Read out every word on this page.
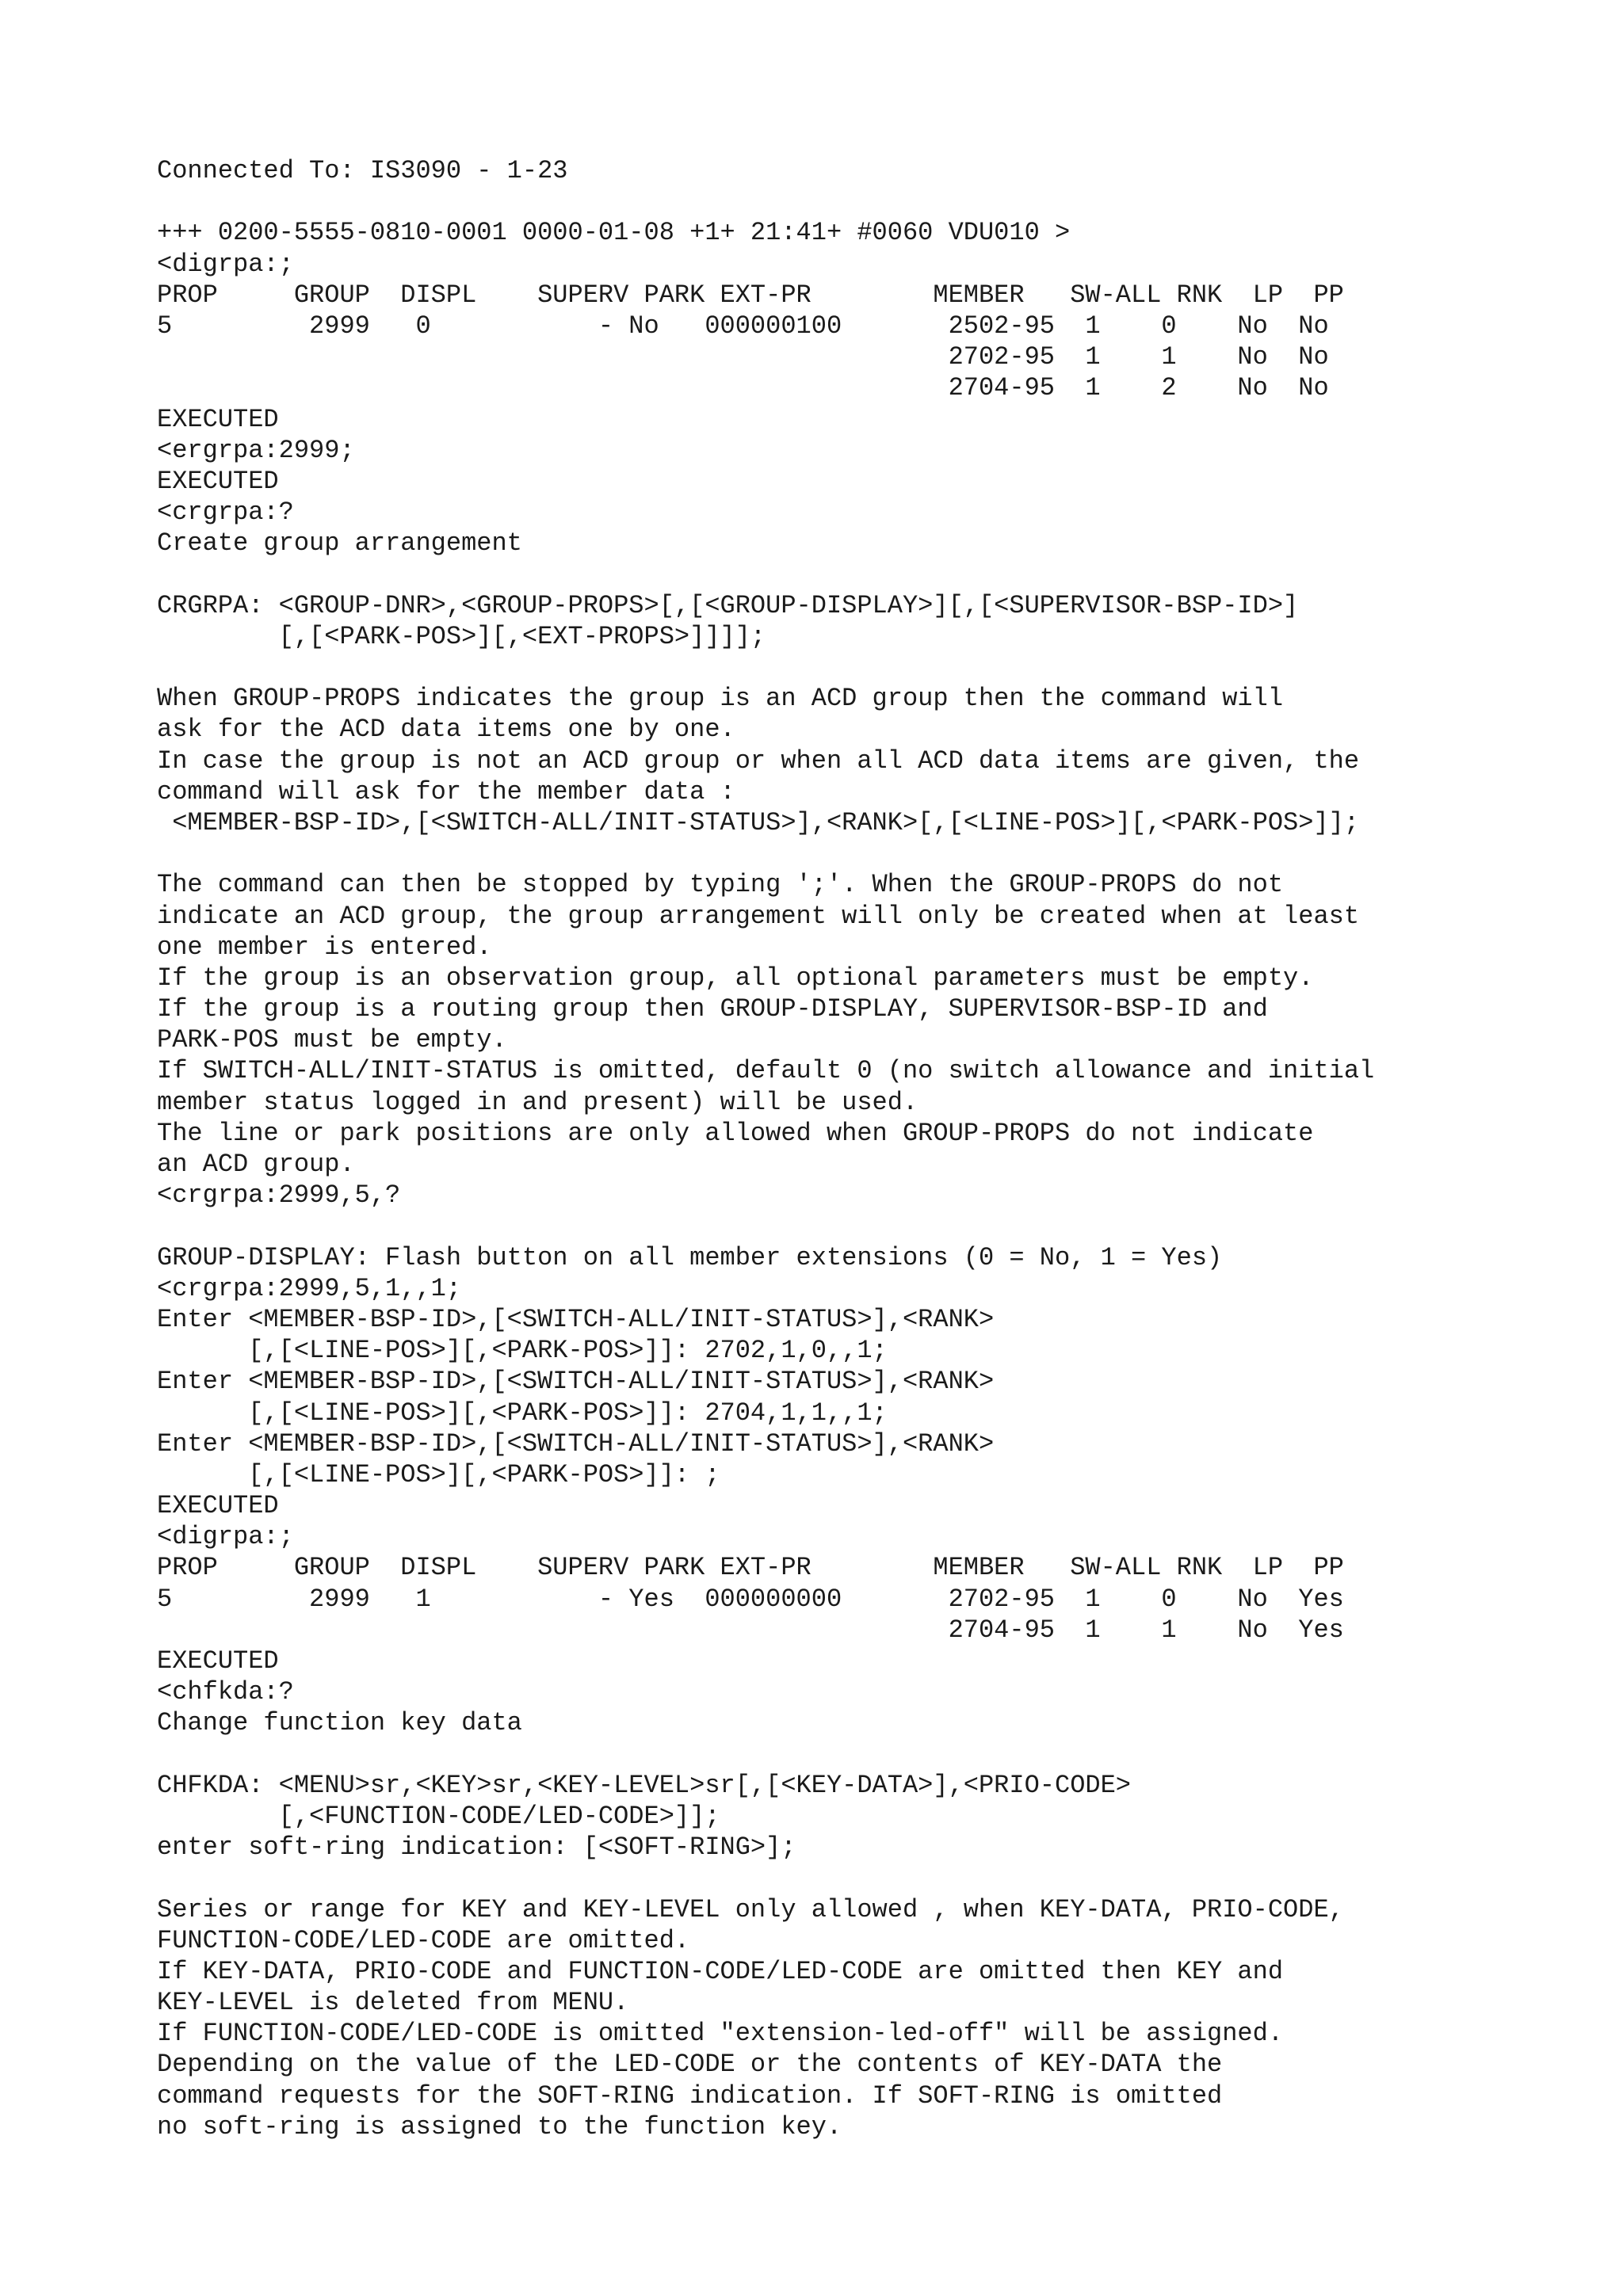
Connected To: IS3090 - 1-23
+++ 0200-5555-0810-0001 0000-01-08 +1+ 21:41+ #0060 VDU010 >
<digrpa:;
PROP     GROUP  DISPL    SUPERV PARK EXT-PR        MEMBER   SW-ALL RNK  LP  PP
5         2999   0           - No   000000100       2502-95  1    0    No  No
2702-95  1    1    No  No
2704-95  1    2    No  No
EXECUTED
<ergrpa:2999;
EXECUTED
<crgrpa:?
Create group arrangement
CRGRPA: <GROUP-DNR>,<GROUP-PROPS>[,[<GROUP-DISPLAY>][,[<SUPERVISOR-BSP-ID>]
[,[<PARK-POS>][,<EXT-PROPS>]]]];
When GROUP-PROPS indicates the group is an ACD group then the command will
ask for the ACD data items one by one.
In case the group is not an ACD group or when all ACD data items are given, the
command will ask for the member data :
<MEMBER-BSP-ID>,[<SWITCH-ALL/INIT-STATUS>],<RANK>[,[<LINE-POS>][,<PARK-POS>]];
The command can then be stopped by typing ';'. When the GROUP-PROPS do not
indicate an ACD group, the group arrangement will only be created when at least
one member is entered.
If the group is an observation group, all optional parameters must be empty.
If the group is a routing group then GROUP-DISPLAY, SUPERVISOR-BSP-ID and
PARK-POS must be empty.
If SWITCH-ALL/INIT-STATUS is omitted, default 0 (no switch allowance and initial
member status logged in and present) will be used.
The line or park positions are only allowed when GROUP-PROPS do not indicate
an ACD group.
<crgrpa:2999,5,?
GROUP-DISPLAY: Flash button on all member extensions (0 = No, 1 = Yes)
<crgrpa:2999,5,1,,1;
Enter <MEMBER-BSP-ID>,[<SWITCH-ALL/INIT-STATUS>],<RANK>
[,[<LINE-POS>][,<PARK-POS>]]: 2702,1,0,,1;
Enter <MEMBER-BSP-ID>,[<SWITCH-ALL/INIT-STATUS>],<RANK>
[,[<LINE-POS>][,<PARK-POS>]]: 2704,1,1,,1;
Enter <MEMBER-BSP-ID>,[<SWITCH-ALL/INIT-STATUS>],<RANK>
[,[<LINE-POS>][,<PARK-POS>]]: ;
EXECUTED
<digrpa:;
PROP     GROUP  DISPL    SUPERV PARK EXT-PR        MEMBER   SW-ALL RNK  LP  PP
5         2999   1           - Yes  000000000       2702-95  1    0    No  Yes
2704-95  1    1    No  Yes
EXECUTED
<chfkda:?
Change function key data
CHFKDA: <MENU>sr,<KEY>sr,<KEY-LEVEL>sr[,[<KEY-DATA>],<PRIO-CODE>
[,<FUNCTION-CODE/LED-CODE>]];
enter soft-ring indication: [<SOFT-RING>];
Series or range for KEY and KEY-LEVEL only allowed , when KEY-DATA, PRIO-CODE,
FUNCTION-CODE/LED-CODE are omitted.
If KEY-DATA, PRIO-CODE and FUNCTION-CODE/LED-CODE are omitted then KEY and
KEY-LEVEL is deleted from MENU.
If FUNCTION-CODE/LED-CODE is omitted "extension-led-off" will be assigned.
Depending on the value of the LED-CODE or the contents of KEY-DATA the
command requests for the SOFT-RING indication. If SOFT-RING is omitted
no soft-ring is assigned to the function key.
